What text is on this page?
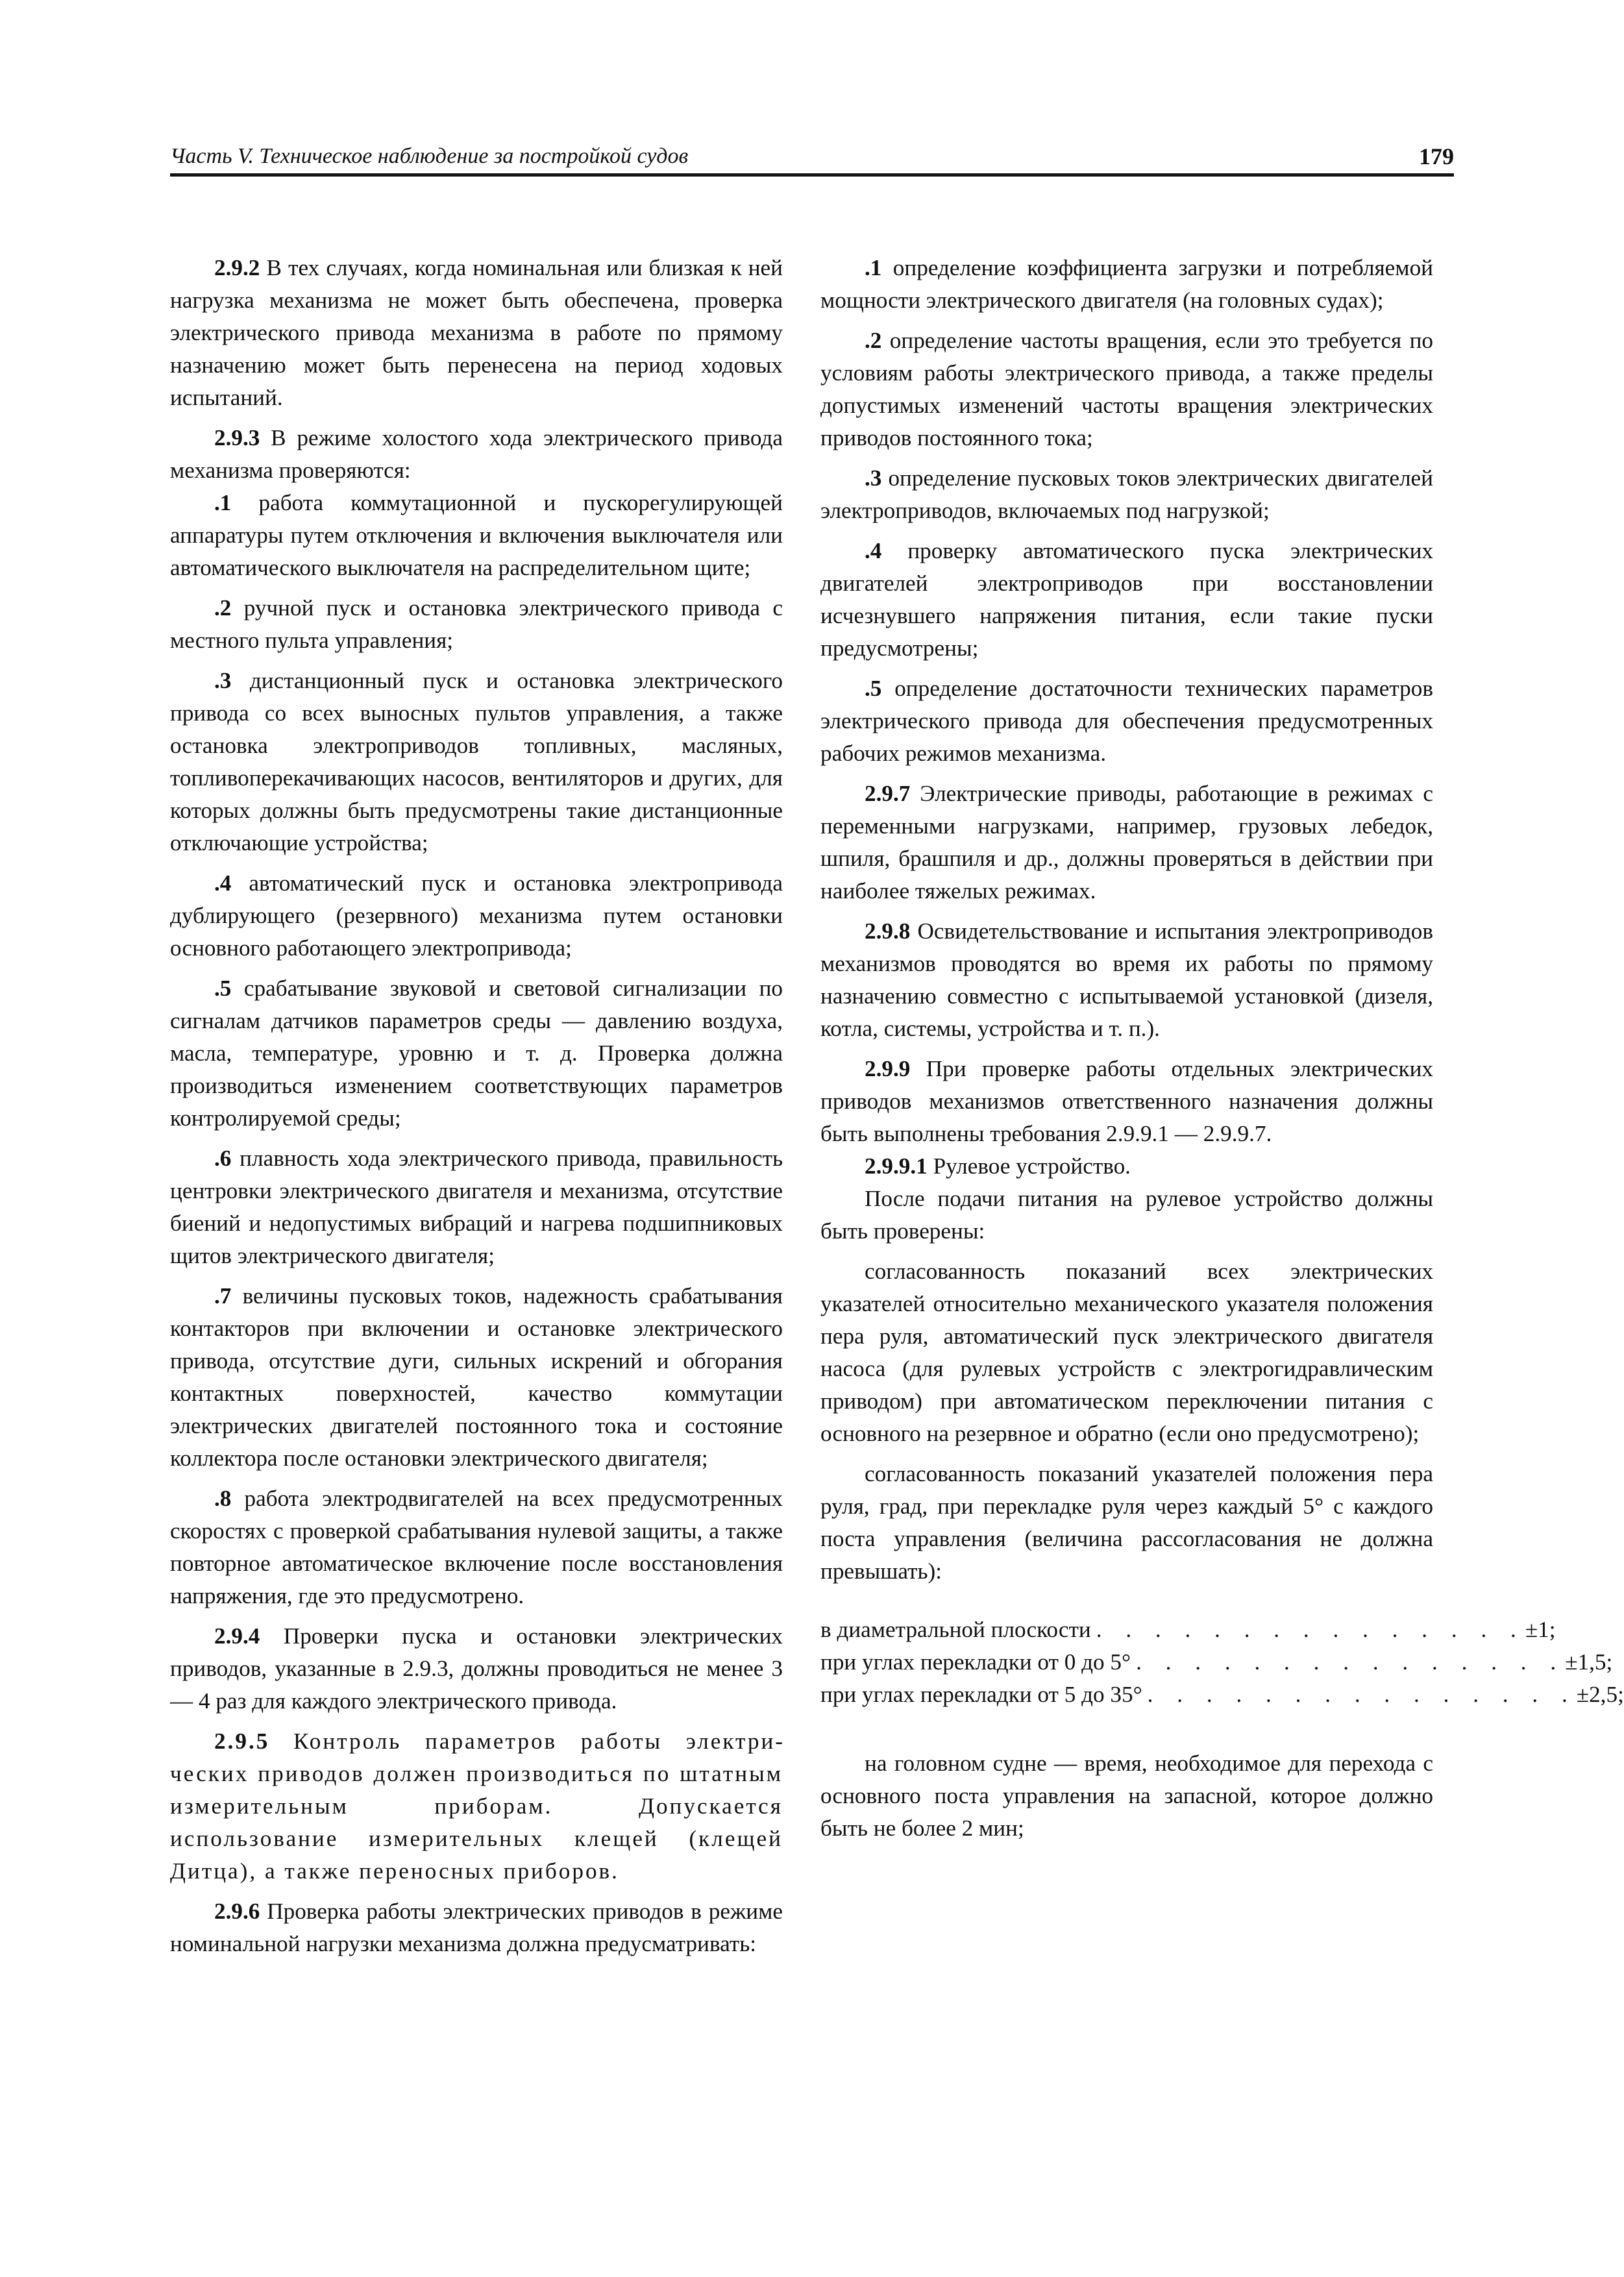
Часть V. Техническое наблюдение за постройкой судов	179

2.9.2 В тех случаях, когда номинальная или близкая к ней нагрузка механизма не может быть обеспечена, проверка электрического привода механизма в работе по прямому назначению может быть перенесена на период ходовых испытаний.

2.9.3 В режиме холостого хода электрического привода механизма проверяются:

.1 работа коммутационной и пускорегулирующей аппаратуры путем отключения и включения выключателя или автоматического выключателя на распределительном щите;

.2 ручной пуск и остановка электрического привода с местного пульта управления;

.3 дистанционный пуск и остановка электрического привода со всех выносных пультов управления, а также остановка электроприводов топливных, масляных, топливоперекачивающих насосов, вентиляторов и других, для которых должны быть предусмотрены такие дистанционные отключающие устройства;

.4 автоматический пуск и остановка электропривода дублирующего (резервного) механизма путем остановки основного работающего электропривода;

.5 срабатывание звуковой и световой сигнализации по сигналам датчиков параметров среды — давлению воздуха, масла, температуре, уровню и т. д. Проверка должна производиться изменением соответствующих параметров контролируемой среды;

.6 плавность хода электрического привода, правильность центровки электрического двигателя и механизма, отсутствие биений и недопустимых вибраций и нагрева подшипниковых щитов электрического двигателя;

.7 величины пусковых токов, надежность срабатывания контакторов при включении и остановке электрического привода, отсутствие дуги, сильных искрений и обгорания контактных поверхностей, качество коммутации электрических двигателей постоянного тока и состояние коллектора после остановки электрического двигателя;

.8 работа электродвигателей на всех предусмотренных скоростях с проверкой срабатывания нулевой защиты, а также повторное автоматическое включение после восстановления напряжения, где это предусмотрено.

2.9.4 Проверки пуска и остановки электрических приводов, указанные в 2.9.3, должны проводиться не менее 3 — 4 раз для каждого электрического привода.

2.9.5 Контроль параметров работы электрических приводов должен производиться по штатным измерительным приборам. Допускается использование измерительных клещей (клещей Дитца), а также переносных приборов.

2.9.6 Проверка работы электрических приводов в режиме номинальной нагрузки механизма должна предусматривать:

.1 определение коэффициента загрузки и потребляемой мощности электрического двигателя (на головных судах);

.2 определение частоты вращения, если это требуется по условиям работы электрического привода, а также пределы допустимых изменений частоты вращения электрических приводов постоянного тока;

.3 определение пусковых токов электрических двигателей электроприводов, включаемых под нагрузкой;

.4 проверку автоматического пуска электрических двигателей электроприводов при восстановлении исчезнувшего напряжения питания, если такие пуски предусмотрены;

.5 определение достаточности технических параметров электрического привода для обеспечения предусмотренных рабочих режимов механизма.

2.9.7 Электрические приводы, работающие в режимах с переменными нагрузками, например, грузовых лебедок, шпиля, брашпиля и др., должны проверяться в действии при наиболее тяжелых режимах.

2.9.8 Освидетельствование и испытания электроприводов механизмов проводятся во время их работы по прямому назначению совместно с испытываемой установкой (дизеля, котла, системы, устройства и т. п.).

2.9.9 При проверке работы отдельных электрических приводов механизмов ответственного назначения должны быть выполнены требования 2.9.9.1 — 2.9.9.7.

2.9.9.1 Рулевое устройство.

После подачи питания на рулевое устройство должны быть проверены:

согласованность показаний всех электрических указателей относительно механического указателя положения пера руля, автоматический пуск электрического двигателя насоса (для рулевых устройств с электрогидравлическим приводом) при автоматическом переключении питания с основного на резервное и обратно (если оно предусмотрено);

согласованность показаний указателей положения пера руля, град, при перекладке руля через каждый 5° с каждого поста управления (величина рассогласования не должна превышать):

в диаметральной плоскости . . . . . . . . . . . . . . . ±1;
при углах перекладки от 0 до 5° . . . . . . . . . . . . . . . ±1,5;
при углах перекладки от 5 до 35° . . . . . . . . . . . . . . . ±2,5;

на головном судне — время, необходимое для перехода с основного поста управления на запасной, которое должно быть не более 2 мин;
